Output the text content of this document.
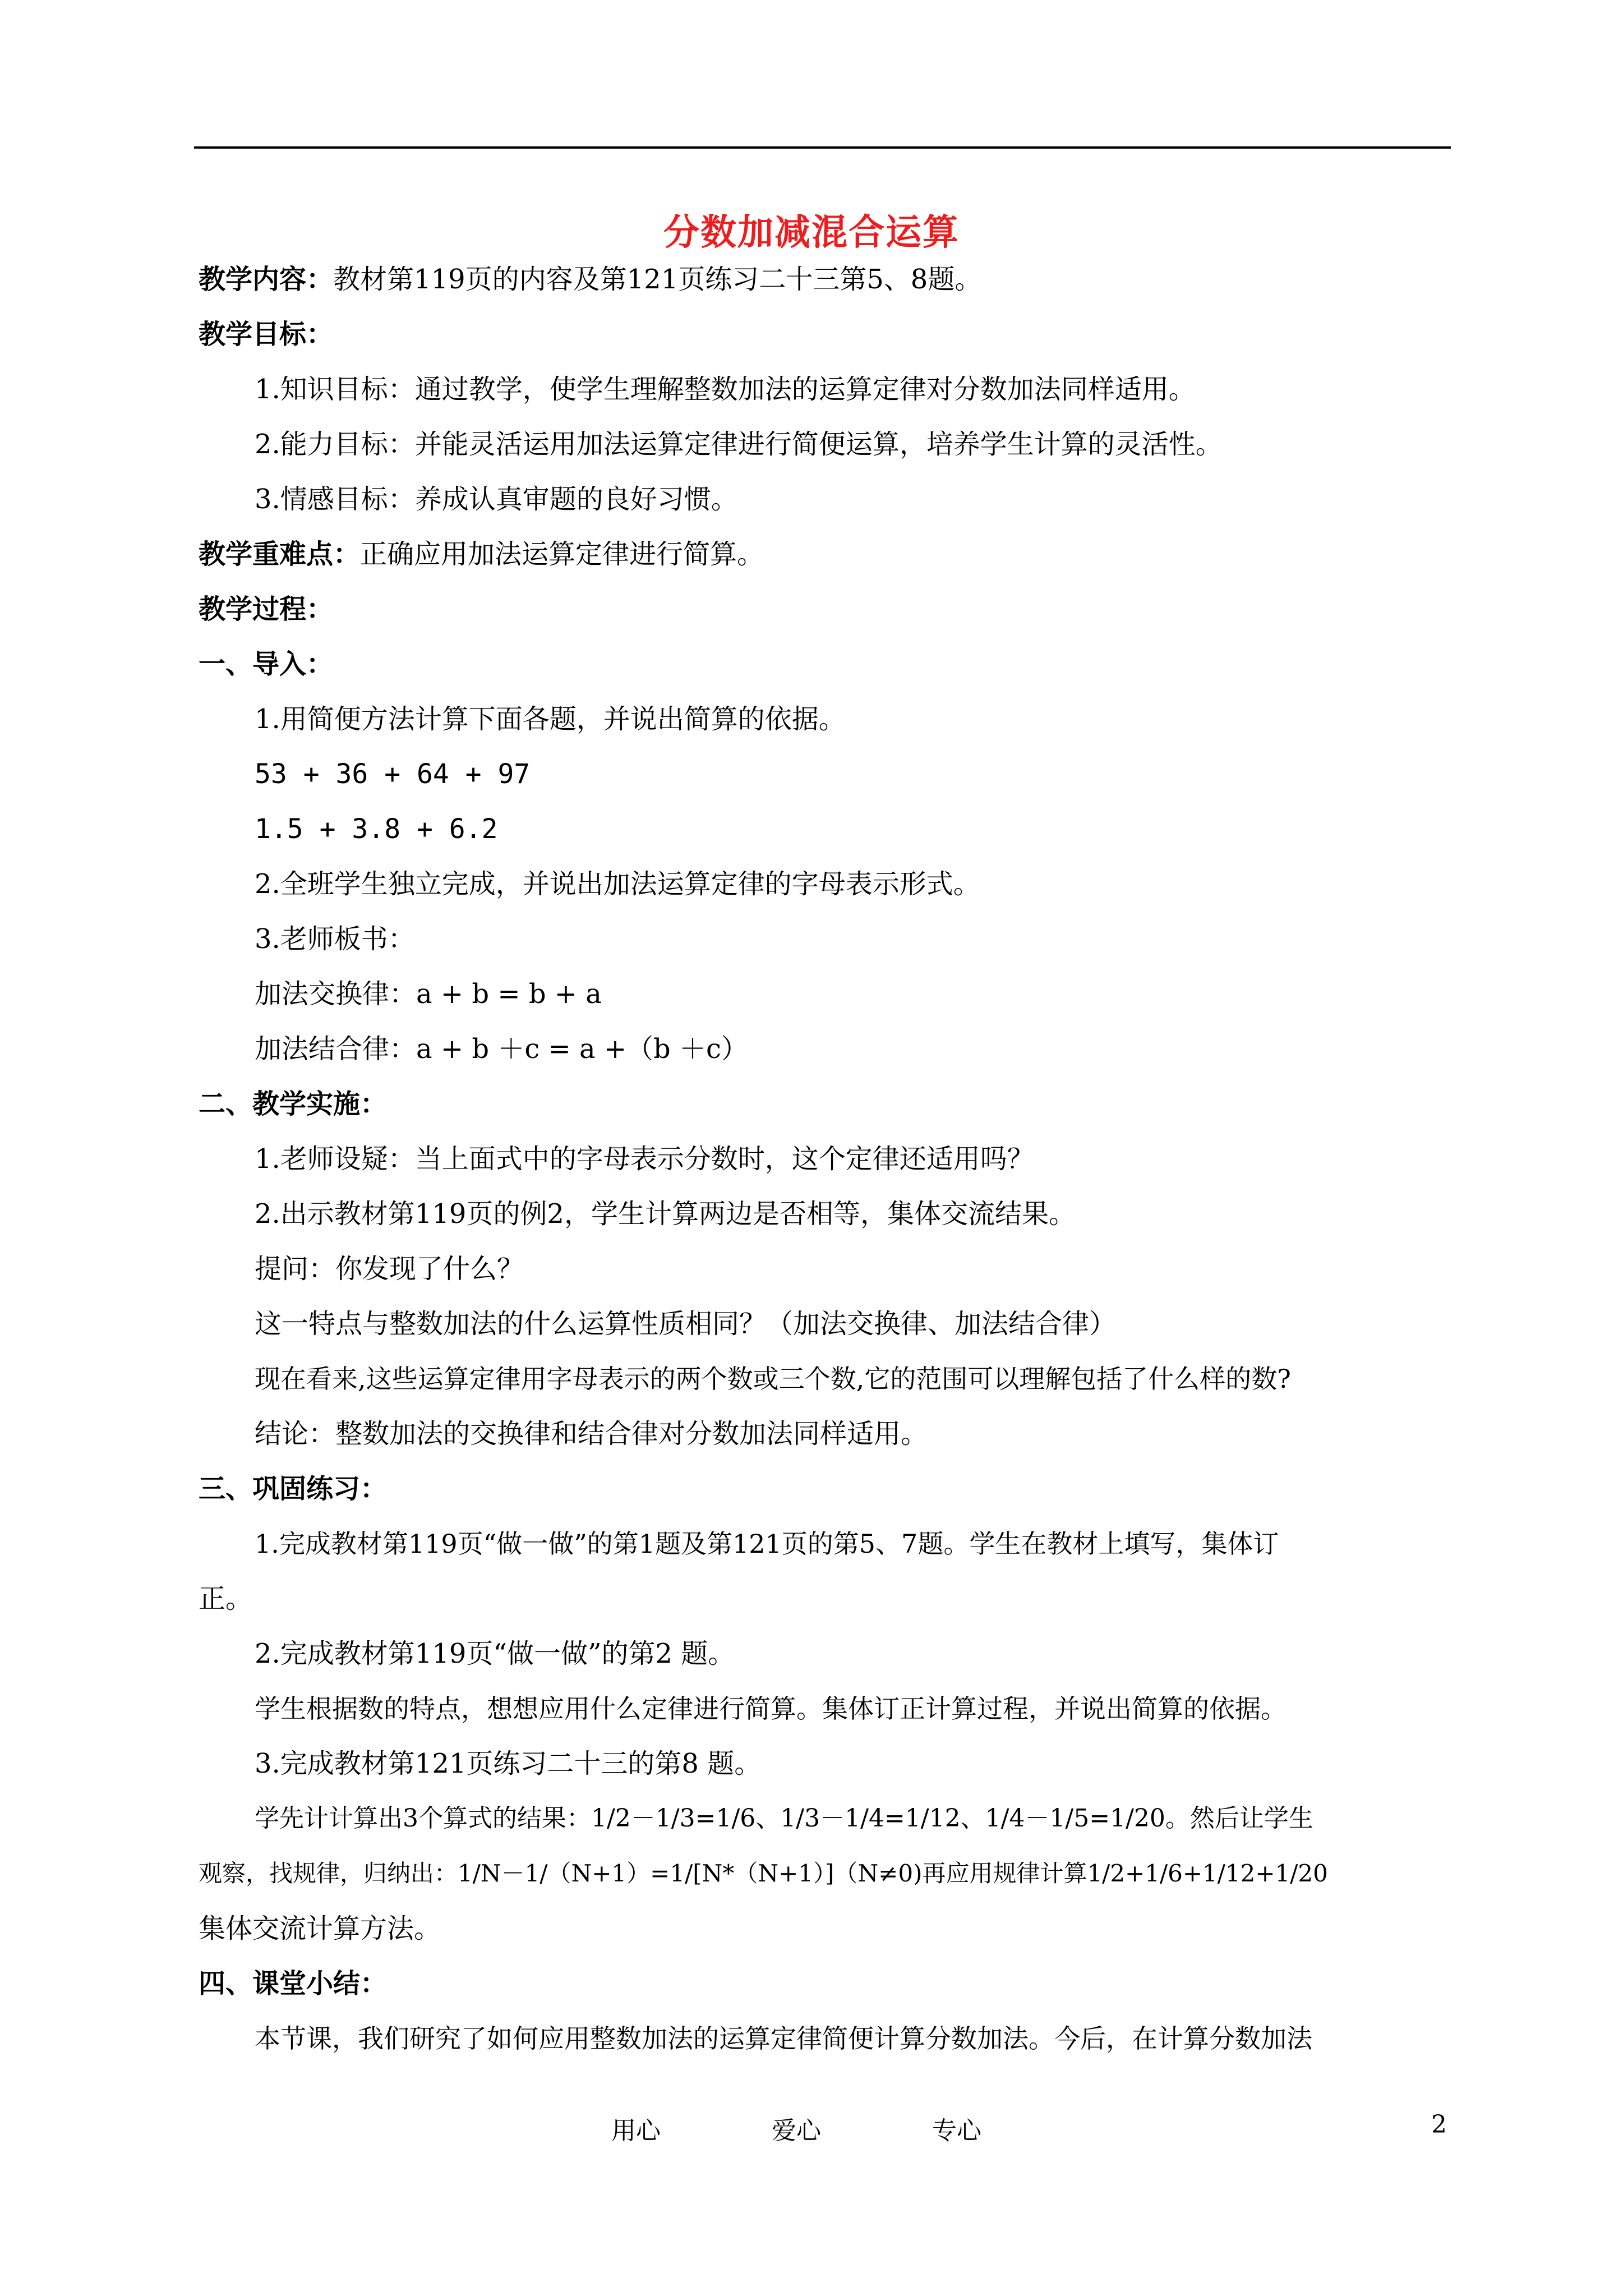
分数加减混合运算
教学内容：教材第119页的内容及第121页练习二十三第5、8题。
教学目标：
1.知识目标：通过教学，使学生理解整数加法的运算定律对分数加法同样适用。
2.能力目标：并能灵活运用加法运算定律进行简便运算，培养学生计算的灵活性。
3.情感目标：养成认真审题的良好习惯。
教学重难点：正确应用加法运算定律进行简算。
教学过程：
一、导入：
1.用简便方法计算下面各题，并说出简算的依据。
53 + 36 + 64 + 97
1.5 + 3.8 + 6.2
2.全班学生独立完成，并说出加法运算定律的字母表示形式。
3.老师板书：
加法交换律：a + b = b + a
加法结合律：a + b ＋c = a +（b ＋c）
二、教学实施：
1.老师设疑：当上面式中的字母表示分数时，这个定律还适用吗？
2.出示教材第119页的例2，学生计算两边是否相等，集体交流结果。
提问：你发现了什么？
这一特点与整数加法的什么运算性质相同？（加法交换律、加法结合律）
现在看来,这些运算定律用字母表示的两个数或三个数,它的范围可以理解包括了什么样的数?
结论：整数加法的交换律和结合律对分数加法同样适用。
三、巩固练习：
1.完成教材第119页“做一做”的第1题及第121页的第5、7题。学生在教材上填写，集体订
正。
2.完成教材第119页“做一做”的第2 题。
学生根据数的特点，想想应用什么定律进行简算。集体订正计算过程，并说出简算的依据。
3.完成教材第121页练习二十三的第8 题。
学先计计算出3个算式的结果：1/2－1/3=1/6、1/3－1/4=1/12、1/4－1/5=1/20。然后让学生
观察，找规律，归纳出：1/N－1/（N+1）=1/[N*（N+1）]（N≠0)再应用规律计算1/2+1/6+1/12+1/20
集体交流计算方法。
四、课堂小结：
本节课，我们研究了如何应用整数加法的运算定律简便计算分数加法。今后，在计算分数加法
用心	爱心	专心	2
